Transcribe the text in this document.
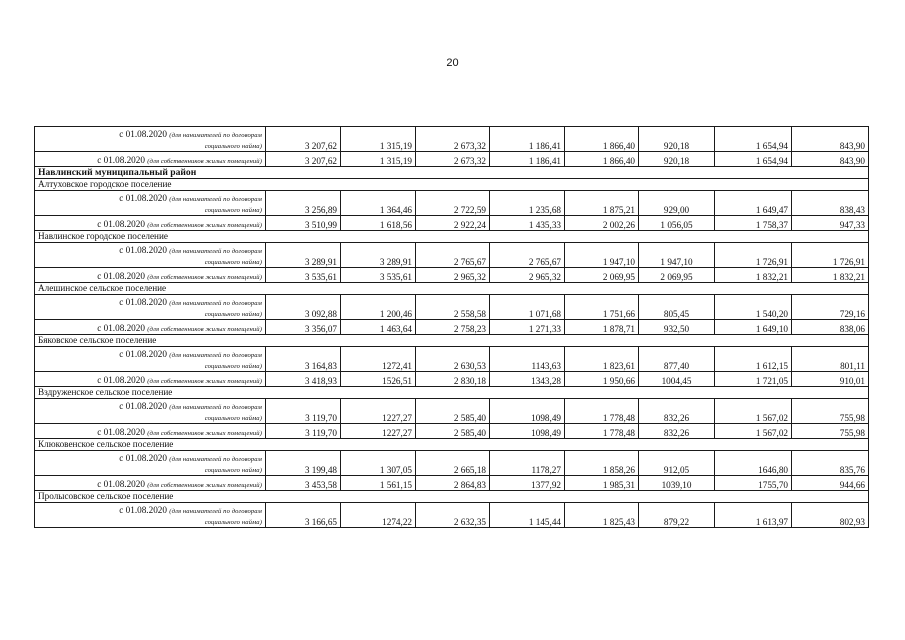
20
с 01.08.2020 (для нанимателей по договорам
социального найма)	3 207,62	1 315,19	2 673,32	1 186,41	1 866,40	920,18	1 654,94	843,90
с 01.08.2020 (для собственников жилых помещений)	3 207,62	1 315,19	2 673,32	1 186,41	1 866,40	920,18	1 654,94	843,90
Навлинский муниципальный район								
Алтуховское городское поселение								

с 01.08.2020 (для нанимателей по договорам
социального найма)	3 256,89	1 364,46	2 722,59	1 235,68	1 875,21	929,00	1 649,47	838,43
с 01.08.2020 (для собственников жилых помещений)	3 510,99	1 618,56	2 922,24	1 435,33	2 002,26	1 056,05	1 758,37	947,33
Навлинское городское поселение								

с 01.08.2020 (для нанимателей по договорам
социального найма)	3 289,91	3 289,91	2 765,67	2 765,67	1 947,10	1 947,10	1 726,91	1 726,91
с 01.08.2020 (для собственников жилых помещений)	3 535,61	3 535,61	2 965,32	2 965,32	2 069,95	2 069,95	1 832,21	1 832,21
Алешинское сельское поселение								

с 01.08.2020 (для нанимателей по договорам
социального найма)	3 092,88	1 200,46	2 558,58	1 071,68	1 751,66	805,45	1 540,20	729,16
с 01.08.2020 (для собственников жилых помещений)	3 356,07	1 463,64	2 758,23	1 271,33	1 878,71	932,50	1 649,10	838,06
Бяковское сельское поселение								

с 01.08.2020 (для нанимателей по договорам
социального найма)	3 164,83	1272,41	2 630,53	1143,63	1 823,61	877,40	1 612,15	801,11
с 01.08.2020 (для собственников жилых помещений)	3 418,93	1526,51	2 830,18	1343,28	1 950,66	1004,45	1 721,05	910,01
Вздруженское сельское поселение								

с 01.08.2020 (для нанимателей по договорам
социального найма)	3 119,70	1227,27	2 585,40	1098,49	1 778,48	832,26	1 567,02	755,98
с 01.08.2020 (для собственников жилых помещений)	3 119,70	1227,27	2 585,40	1098,49	1 778,48	832,26	1 567,02	755,98
Клюковенское сельское поселение								

с 01.08.2020 (для нанимателей по договорам
социального найма)	3 199,48	1 307,05	2 665,18	1178,27	1 858,26	912,05	1646,80	835,76
с 01.08.2020 (для собственников жилых помещений)	3 453,58	1 561,15	2 864,83	1377,92	1 985,31	1039,10	1755,70	944,66
Пролысовское сельское поселение								

с 01.08.2020 (для нанимателей по договорам
социального найма)	3 166,65	1274,22	2 632,35	1 145,44	1 825,43	879,22	1 613,97	802,93
